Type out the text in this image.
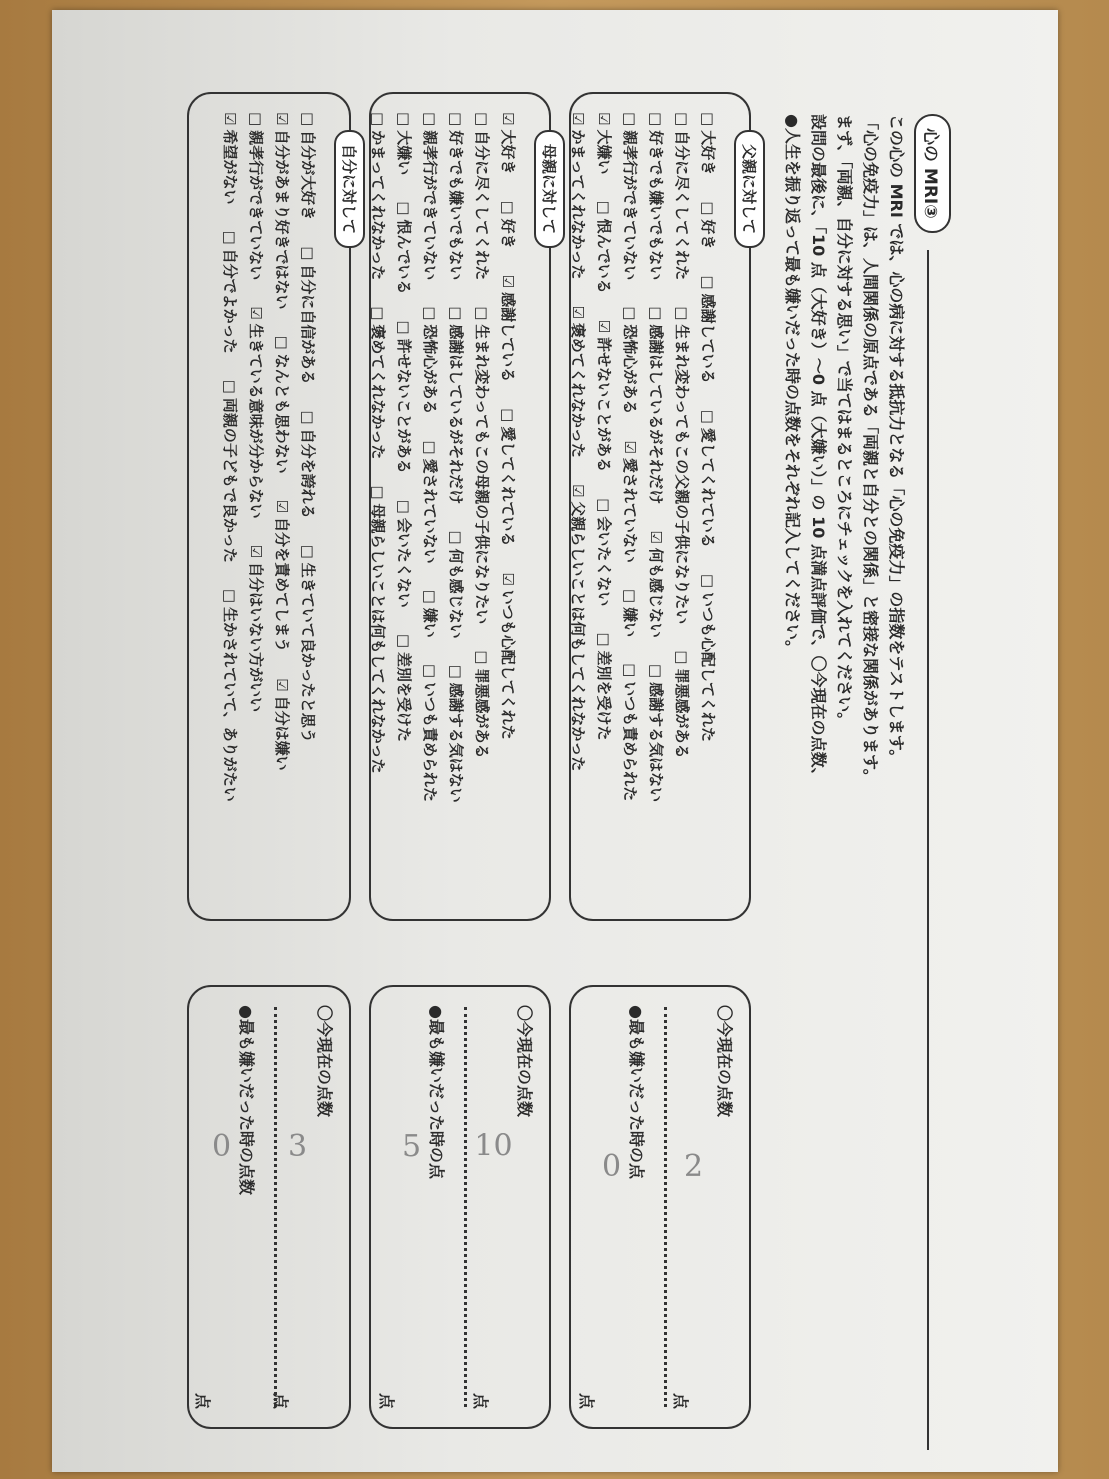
心の MRI③
この心の MRI では、心の病に対する抵抗力となる「心の免疫力」の指数をテストします。
「心の免疫力」は、人間関係の原点である「両親と自分との関係」と密接な関係があります。
まず、「両親、自分に対する思い」で当てはまるところにチェックを入れてください。
設問の最後に、「10 点（大好き）～0 点（大嫌い）」の 10 点満点評価で、〇今現在の点数、
●人生を振り返って最も嫌いだった時の点数をそれぞれ記入してください。
父親に対して
□大好き□好き□感謝している□愛してくれている□いつも心配してくれた
□自分に尽くしてくれた□生まれ変わってもこの父親の子供になりたい□罪悪感がある
□好きでも嫌いでもない□感謝はしているがそれだけ☑何も感じない□感謝する気はない
□親孝行ができていない□恐怖心がある☑愛されていない□嫌い□いつも責められた
☑大嫌い□恨んでいる☑許せないことがある□会いたくない□差別を受けた
☑かまってくれなかった☑褒めてくれなかった☑父親らしいことは何もしてくれなかった
母親に対して
☑大好き□好き☑感謝している□愛してくれている☑いつも心配してくれた
□自分に尽くしてくれた□生まれ変わってもこの母親の子供になりたい□罪悪感がある
□好きでも嫌いでもない□感謝はしているがそれだけ□何も感じない□感謝する気はない
□親孝行ができていない□恐怖心がある□愛されていない□嫌い□いつも責められた
□大嫌い□恨んでいる□許せないことがある□会いたくない□差別を受けた
□かまってくれなかった□褒めてくれなかった□母親らしいことは何もしてくれなかった
自分に対して
□自分が大好き□自分に自信がある□自分を誇れる□生きていて良かったと思う
☑自分があまり好きではない□なんとも思わない☑自分を責めてしまう☑自分は嫌い
□親孝行ができていない☑生きている意味が分からない☑自分はいない方がいい
☑希望がない□自分でよかった□両親の子どもで良かった□生かされていて、ありがたい
〇今現在の点数
2
点
●最も嫌いだった時の点
0
点
〇今現在の点数
10
点
●最も嫌いだった時の点
5
点
〇今現在の点数
3
点
●最も嫌いだった時の点数
0
点
